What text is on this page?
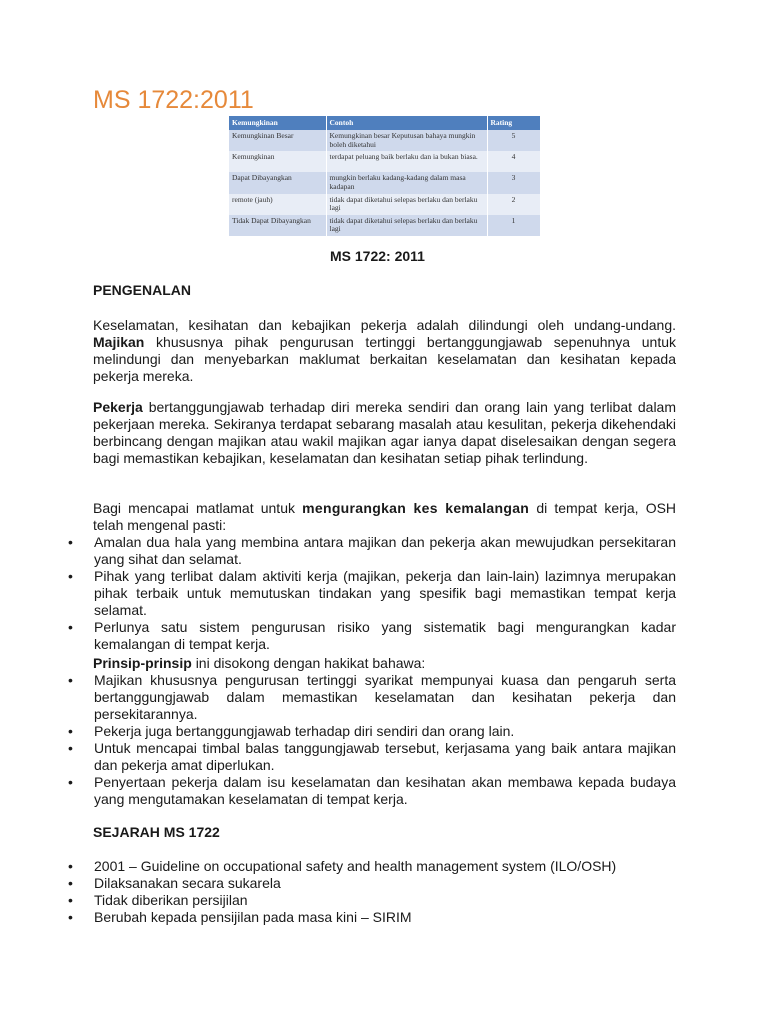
MS 1722:2011
Kemungkinan	Contoh	Rating
Kemungkinan Besar	Kemungkinan besar Keputusan bahaya mungkin boleh diketahui	5
Kemungkinan	terdapat peluang baik berlaku dan ia bukan biasa.	4
Dapat Dibayangkan	mungkin berlaku kadang-kadang dalam masa kadapan	3
remote (jauh)	tidak dapat diketahui selepas berlaku dan berlaku lagi	2
Tidak Dapat Dibayangkan	tidak dapat diketahui selepas berlaku dan berlaku lagi	1

MS 1722: 2011

PENGENALAN

Keselamatan, kesihatan dan kebajikan pekerja adalah dilindungi oleh undang-undang. Majikan khususnya pihak pengurusan tertinggi bertanggungjawab sepenuhnya untuk melindungi dan menyebarkan maklumat berkaitan keselamatan dan kesihatan kepada pekerja mereka.

Pekerja bertanggungjawab terhadap diri mereka sendiri dan orang lain yang terlibat dalam pekerjaan mereka. Sekiranya terdapat sebarang masalah atau kesulitan, pekerja dikehendaki berbincang dengan majikan atau wakil majikan agar ianya dapat diselesaikan dengan segera bagi memastikan kebajikan, keselamatan dan kesihatan setiap pihak terlindung.

Bagi mencapai matlamat untuk mengurangkan kes kemalangan di tempat kerja, OSH telah mengenal pasti:

• Amalan dua hala yang membina antara majikan dan pekerja akan mewujudkan persekitaran yang sihat dan selamat.
• Pihak yang terlibat dalam aktiviti kerja (majikan, pekerja dan lain-lain) lazimnya merupakan pihak terbaik untuk memutuskan tindakan yang spesifik bagi memastikan tempat kerja selamat.
• Perlunya satu sistem pengurusan risiko yang sistematik bagi mengurangkan kadar kemalangan di tempat kerja.

Prinsip-prinsip ini disokong dengan hakikat bahawa:

• Majikan khususnya pengurusan tertinggi syarikat mempunyai kuasa dan pengaruh serta bertanggungjawab dalam memastikan keselamatan dan kesihatan pekerja dan persekitarannya.
• Pekerja juga bertanggungjawab terhadap diri sendiri dan orang lain.
• Untuk mencapai timbal balas tanggungjawab tersebut, kerjasama yang baik antara majikan dan pekerja amat diperlukan.
• Penyertaan pekerja dalam isu keselamatan dan kesihatan akan membawa kepada budaya yang mengutamakan keselamatan di tempat kerja.
SEJARAH MS 1722
• 2001 – Guideline on occupational safety and health management system (ILO/OSH)
• Dilaksanakan secara sukarela
• Tidak diberikan persijilan
• Berubah kepada pensijilan pada masa kini – SIRIM
